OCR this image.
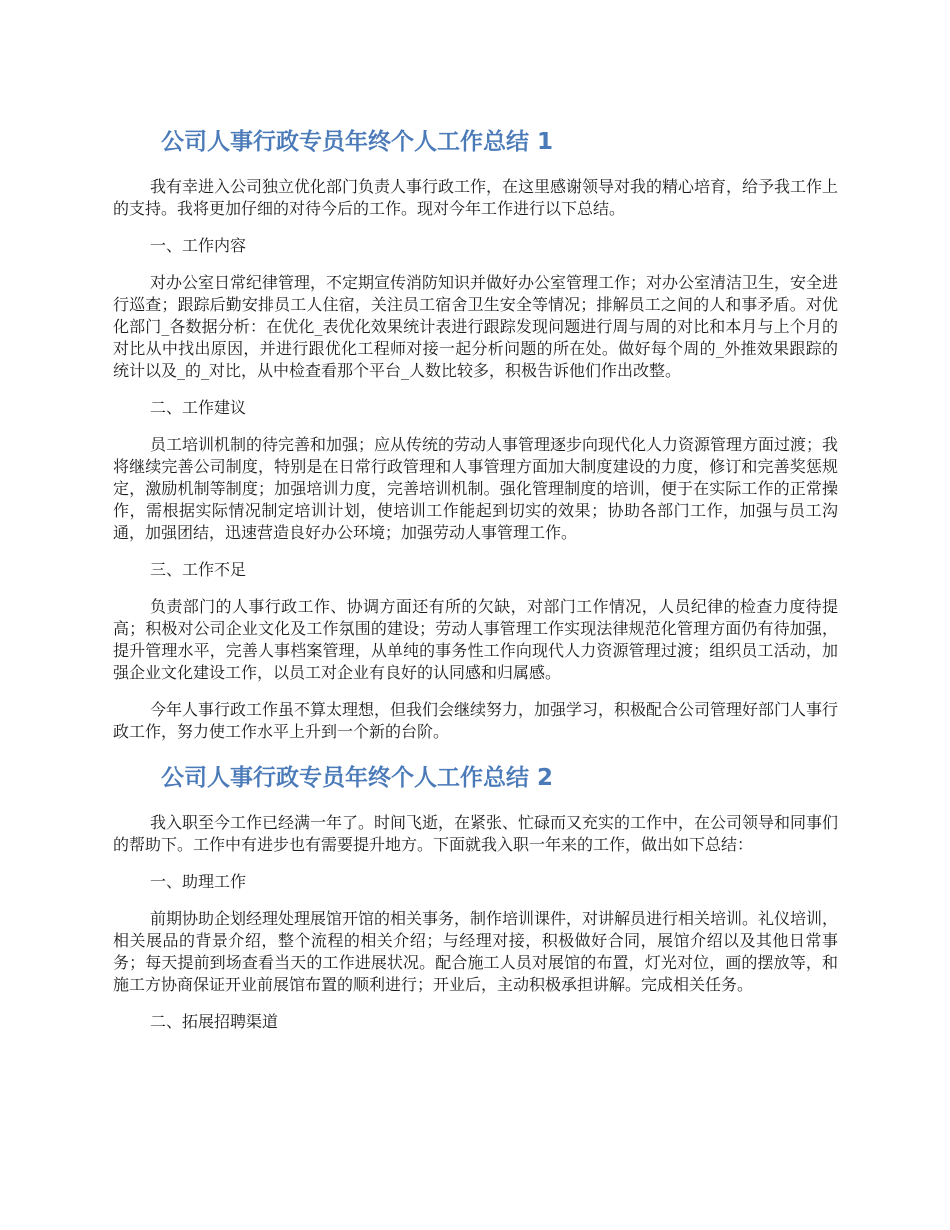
公司人事行政专员年终个人工作总结 1

我有幸进入公司独立优化部门负责人事行政工作，在这里感谢领导对我的精心培育，给予我工作上的支持。我将更加仔细的对待今后的工作。现对今年工作进行以下总结。

一、工作内容

对办公室日常纪律管理，不定期宣传消防知识并做好办公室管理工作；对办公室清洁卫生，安全进行巡查；跟踪后勤安排员工人住宿，关注员工宿舍卫生安全等情况；排解员工之间的人和事矛盾。对优化部门_各数据分析：在优化_表优化效果统计表进行跟踪发现问题进行周与周的对比和本月与上个月的对比从中找出原因，并进行跟优化工程师对接一起分析问题的所在处。做好每个周的_外推效果跟踪的统计以及_的_对比，从中检查看那个平台_人数比较多，积极告诉他们作出改整。

二、工作建议

员工培训机制的待完善和加强；应从传统的劳动人事管理逐步向现代化人力资源管理方面过渡；我将继续完善公司制度，特别是在日常行政管理和人事管理方面加大制度建设的力度，修订和完善奖惩规定，激励机制等制度；加强培训力度，完善培训机制。强化管理制度的培训，便于在实际工作的正常操作，需根据实际情况制定培训计划，使培训工作能起到切实的效果；协助各部门工作，加强与员工沟通，加强团结，迅速营造良好办公环境；加强劳动人事管理工作。

三、工作不足

负责部门的人事行政工作、协调方面还有所的欠缺，对部门工作情况，人员纪律的检查力度待提高；积极对公司企业文化及工作氛围的建设；劳动人事管理工作实现法律规范化管理方面仍有待加强，提升管理水平，完善人事档案管理，从单纯的事务性工作向现代人力资源管理过渡；组织员工活动，加强企业文化建设工作，以员工对企业有良好的认同感和归属感。

今年人事行政工作虽不算太理想，但我们会继续努力，加强学习，积极配合公司管理好部门人事行政工作，努力使工作水平上升到一个新的台阶。

公司人事行政专员年终个人工作总结 2

我入职至今工作已经满一年了。时间飞逝，在紧张、忙碌而又充实的工作中，在公司领导和同事们的帮助下。工作中有进步也有需要提升地方。下面就我入职一年来的工作，做出如下总结：

一、助理工作

前期协助企划经理处理展馆开馆的相关事务，制作培训课件，对讲解员进行相关培训。礼仪培训，相关展品的背景介绍，整个流程的相关介绍；与经理对接，积极做好合同，展馆介绍以及其他日常事务；每天提前到场查看当天的工作进展状况。配合施工人员对展馆的布置，灯光对位，画的摆放等，和施工方协商保证开业前展馆布置的顺利进行；开业后，主动积极承担讲解。完成相关任务。

二、拓展招聘渠道
